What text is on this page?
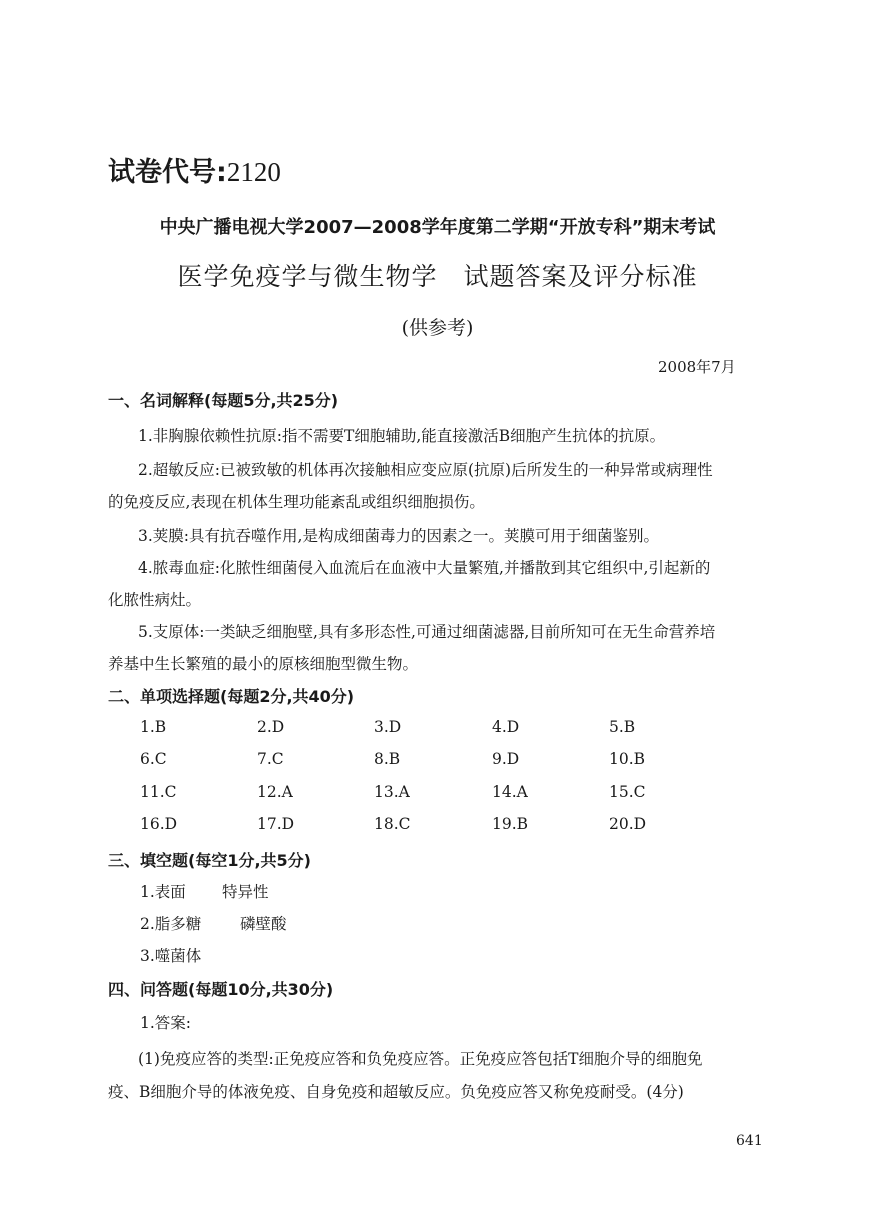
试卷代号:2120
中央广播电视大学2007—2008学年度第二学期“开放专科”期末考试
医学免疫学与微生物学　试题答案及评分标准
(供参考)
2008年7月
一、名词解释(每题5分,共25分)
1.非胸腺依赖性抗原:指不需要T细胞辅助,能直接激活B细胞产生抗体的抗原。
2.超敏反应:已被致敏的机体再次接触相应变应原(抗原)后所发生的一种异常或病理性
的免疫反应,表现在机体生理功能紊乱或组织细胞损伤。
3.荚膜:具有抗吞噬作用,是构成细菌毒力的因素之一。荚膜可用于细菌鉴别。
4.脓毒血症:化脓性细菌侵入血流后在血液中大量繁殖,并播散到其它组织中,引起新的
化脓性病灶。
5.支原体:一类缺乏细胞壁,具有多形态性,可通过细菌滤器,目前所知可在无生命营养培
养基中生长繁殖的最小的原核细胞型微生物。
二、单项选择题(每题2分,共40分)
1.B	2.D	3.D	4.D	5.B
6.C	7.C	8.B	9.D	10.B
11.C	12.A	13.A	14.A	15.C
16.D	17.D	18.C	19.B	20.D
三、填空题(每空1分,共5分)
1.表面 特异性
2.脂多糖 磷壁酸
3.噬菌体
四、问答题(每题10分,共30分)
1.答案:
(1)免疫应答的类型:正免疫应答和负免疫应答。正免疫应答包括T细胞介导的细胞免
疫、B细胞介导的体液免疫、自身免疫和超敏反应。负免疫应答又称免疫耐受。(4分)
641
